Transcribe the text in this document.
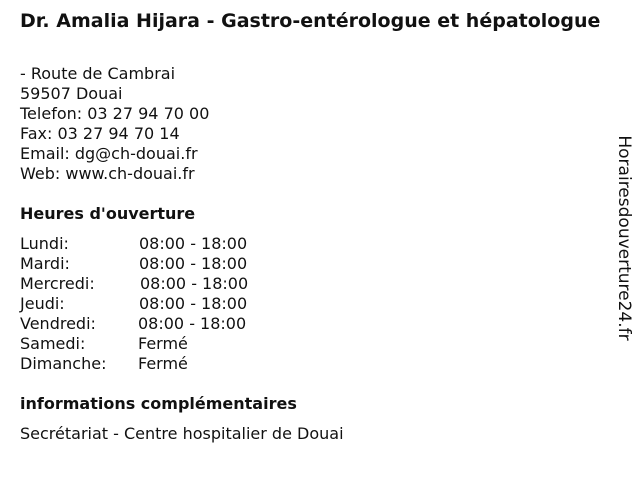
Dr. Amalia Hijara - Gastro-entérologue et hépatologue
- Route de Cambrai
59507 Douai
Telefon: 03 27 94 70 00
Fax: 03 27 94 70 14
Email: dg@ch-douai.fr
Web: www.ch-douai.fr
Heures d'ouverture
Lundi:	08:00 - 18:00
Mardi:	08:00 - 18:00
Mercredi:	08:00 - 18:00
Jeudi:	08:00 - 18:00
Vendredi:	08:00 - 18:00
Samedi:	Fermé
Dimanche: Fermé
informations complémentaires
Secrétariat - Centre hospitalier de Douai
Horairesdouverture24.fr
